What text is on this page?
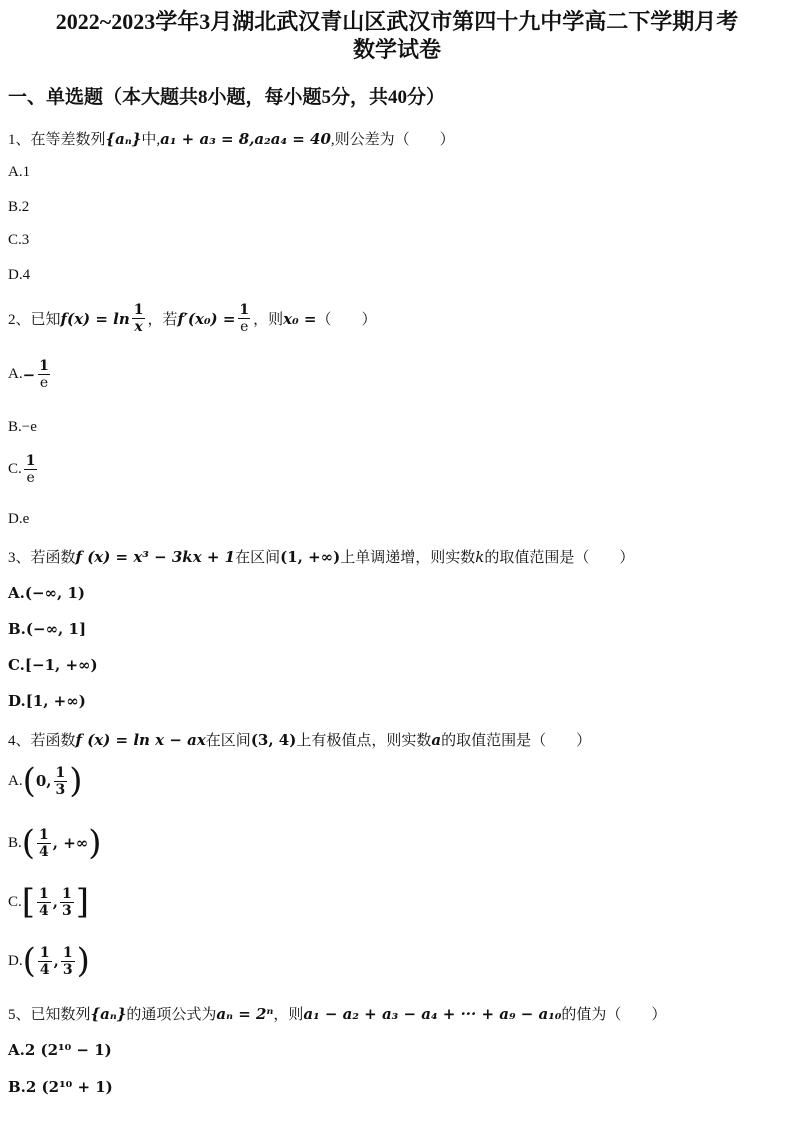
2022~2023学年3月湖北武汉青山区武汉市第四十九中学高二下学期月考
数学试卷
一、单选题（本大题共8小题，每小题5分，共40分）
1、在等差数列 {aₙ} 中, a₁ + a₃ = 8,a₂a₄ = 40 ,则公差为（　　）
A.1
B.2
C.3
D.4
2、已知 $f(x) = \ln \frac{1}{x}$ ，若 $f'(x_0) = \frac{1}{e}$ ，则 x₀ = （　　）
A. − $\frac{1}{e}$
B.−e
C. $\frac{1}{e}$
D.e
3、若函数 f (x) = x³ − 3kx + 1 在区间 (1, +∞) 上单调递增，则实数 k 的取值范围是（　　）
A.(−∞, 1)
B.(−∞, 1]
C.[−1, +∞)
D.[1, +∞)
4、若函数 f (x) = ln x − ax 在区间 (3, 4) 上有极值点，则实数 a 的取值范围是（　　）
A. ( 0, $\frac{1}{3}$ )
B. ( $\frac{1}{4}$ , +∞ )
C. [ $\frac{1}{4}$ , $\frac{1}{3}$ ]
D. ( $\frac{1}{4}$ , $\frac{1}{3}$ )
5、已知数列 {aₙ} 的通项公式为 aₙ = 2ⁿ ，则 a₁ − a₂ + a₃ − a₄ + ··· + a₉ − a₁₀ 的值为（　　）
A.2 (2¹⁰ − 1)
B.2 (2¹⁰ + 1)
